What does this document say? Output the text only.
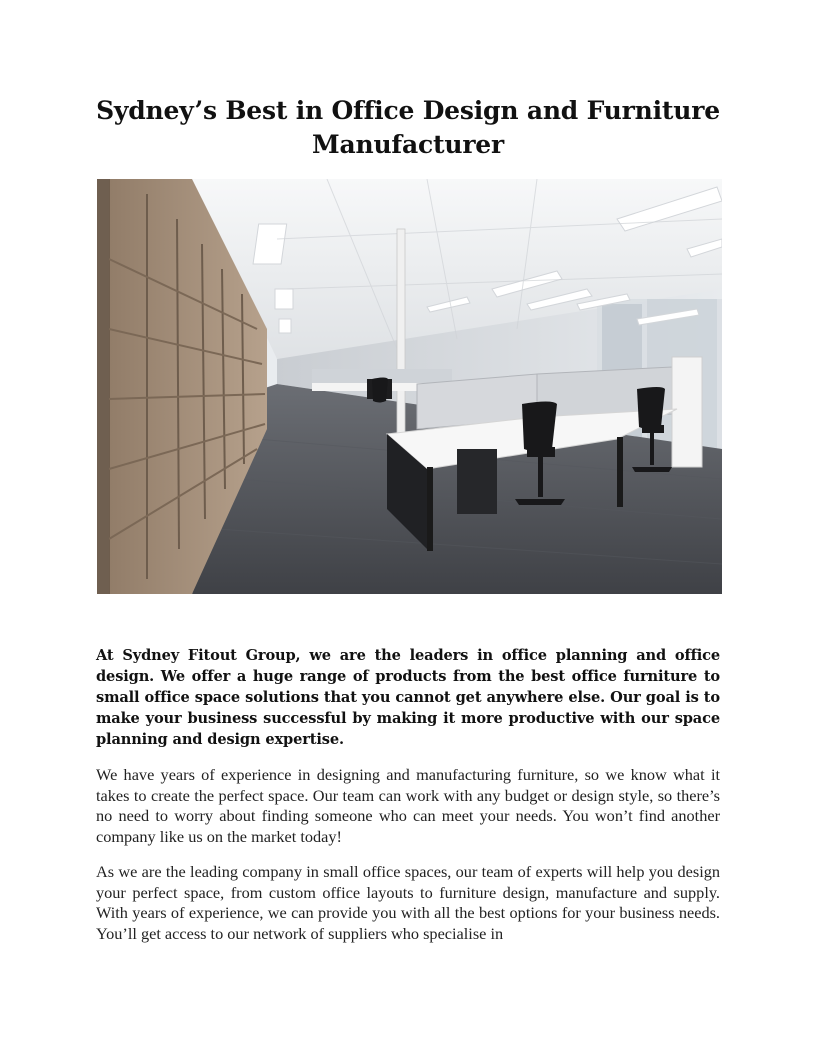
Sydney’s Best in Office Design and Furniture Manufacturer

At Sydney Fitout Group, we are the leaders in office planning and office design. We offer a huge range of products from the best office furniture to small office space solutions that you cannot get anywhere else. Our goal is to make your business successful by making it more productive with our space planning and design expertise.

We have years of experience in designing and manufacturing furniture, so we know what it takes to create the perfect space. Our team can work with any budget or design style, so there’s no need to worry about finding someone who can meet your needs. You won’t find another company like us on the market today!

As we are the leading company in small office spaces, our team of experts will help you design your perfect space, from custom office layouts to furniture design, manufacture and supply. With years of experience, we can provide you with all the best options for your business needs. You’ll get access to our network of suppliers who specialise in
